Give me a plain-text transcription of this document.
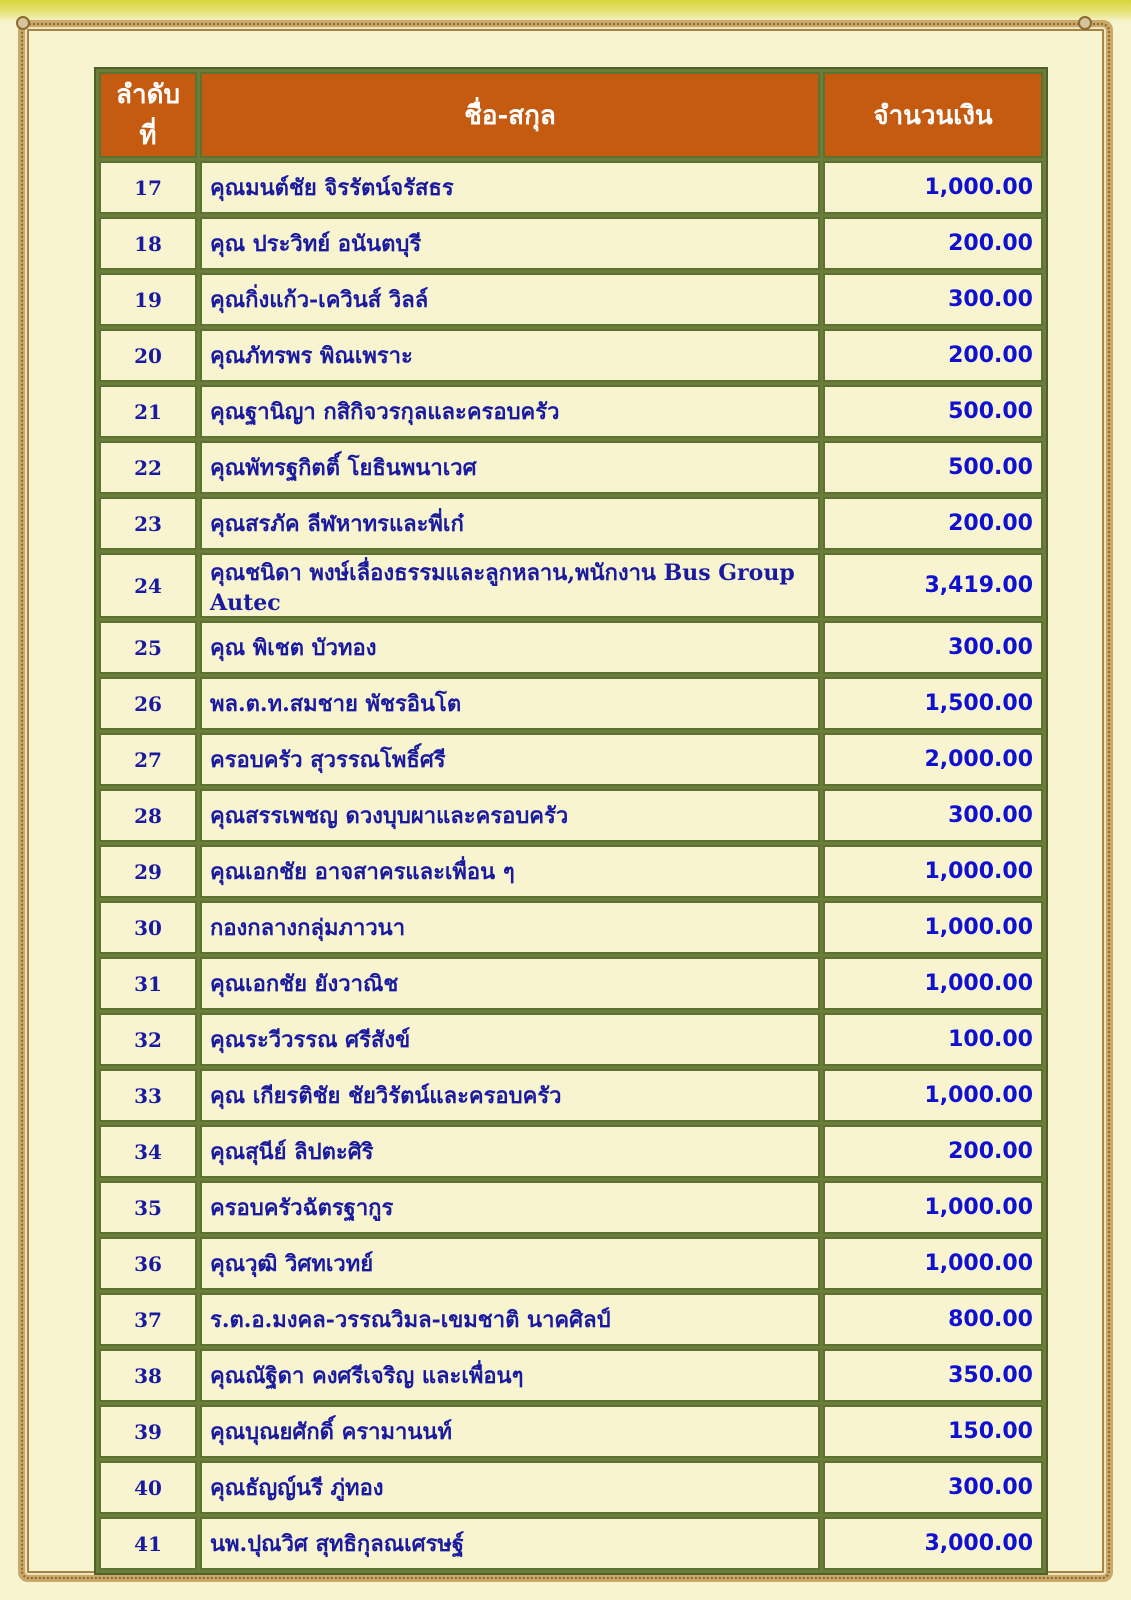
ลำดับที่	ชื่อ-สกุล	จำนวนเงิน
17	คุณมนต์ชัย จิรรัตน์จรัสธร	1,000.00
18	คุณ ประวิทย์ อนันตบุรี	200.00
19	คุณกิ่งแก้ว-เควินส์ วิลล์	300.00
20	คุณภัทรพร พิณเพราะ	200.00
21	คุณฐานิญา กสิกิจวรกุลและครอบครัว	500.00
22	คุณพัทรฐกิตติ์ โยธินพนาเวศ	500.00
23	คุณสรภัค ลีฬหาทรและพี่เก๋	200.00
24	คุณชนิดา พงษ์เลื่องธรรมและลูกหลาน,พนักงาน Bus Group Autec	3,419.00
25	คุณ พิเชต บัวทอง	300.00
26	พล.ต.ท.สมชาย พัชรอินโต	1,500.00
27	ครอบครัว สุวรรณโพธิ์ศรี	2,000.00
28	คุณสรรเพชญ ดวงบุบผาและครอบครัว	300.00
29	คุณเอกชัย อาจสาครและเพื่อน ๆ	1,000.00
30	กองกลางกลุ่มภาวนา	1,000.00
31	คุณเอกชัย ยังวาณิช	1,000.00
32	คุณระวีวรรณ ศรีสังข์	100.00
33	คุณ เกียรติชัย ชัยวิรัตน์และครอบครัว	1,000.00
34	คุณสุนีย์ ลิปตะศิริ	200.00
35	ครอบครัวฉัตรฐากูร	1,000.00
36	คุณวุฒิ วิศทเวทย์	1,000.00
37	ร.ต.อ.มงคล-วรรณวิมล-เขมชาติ นาคศิลป์	800.00
38	คุณณัฐิดา คงศรีเจริญ และเพื่อนๆ	350.00
39	คุณบุณยศักดิ์ ครามานนท์	150.00
40	คุณธัญญ์นรี ภู่ทอง	300.00
41	นพ.ปุณวิศ สุทธิกุลณเศรษฐ์	3,000.00
